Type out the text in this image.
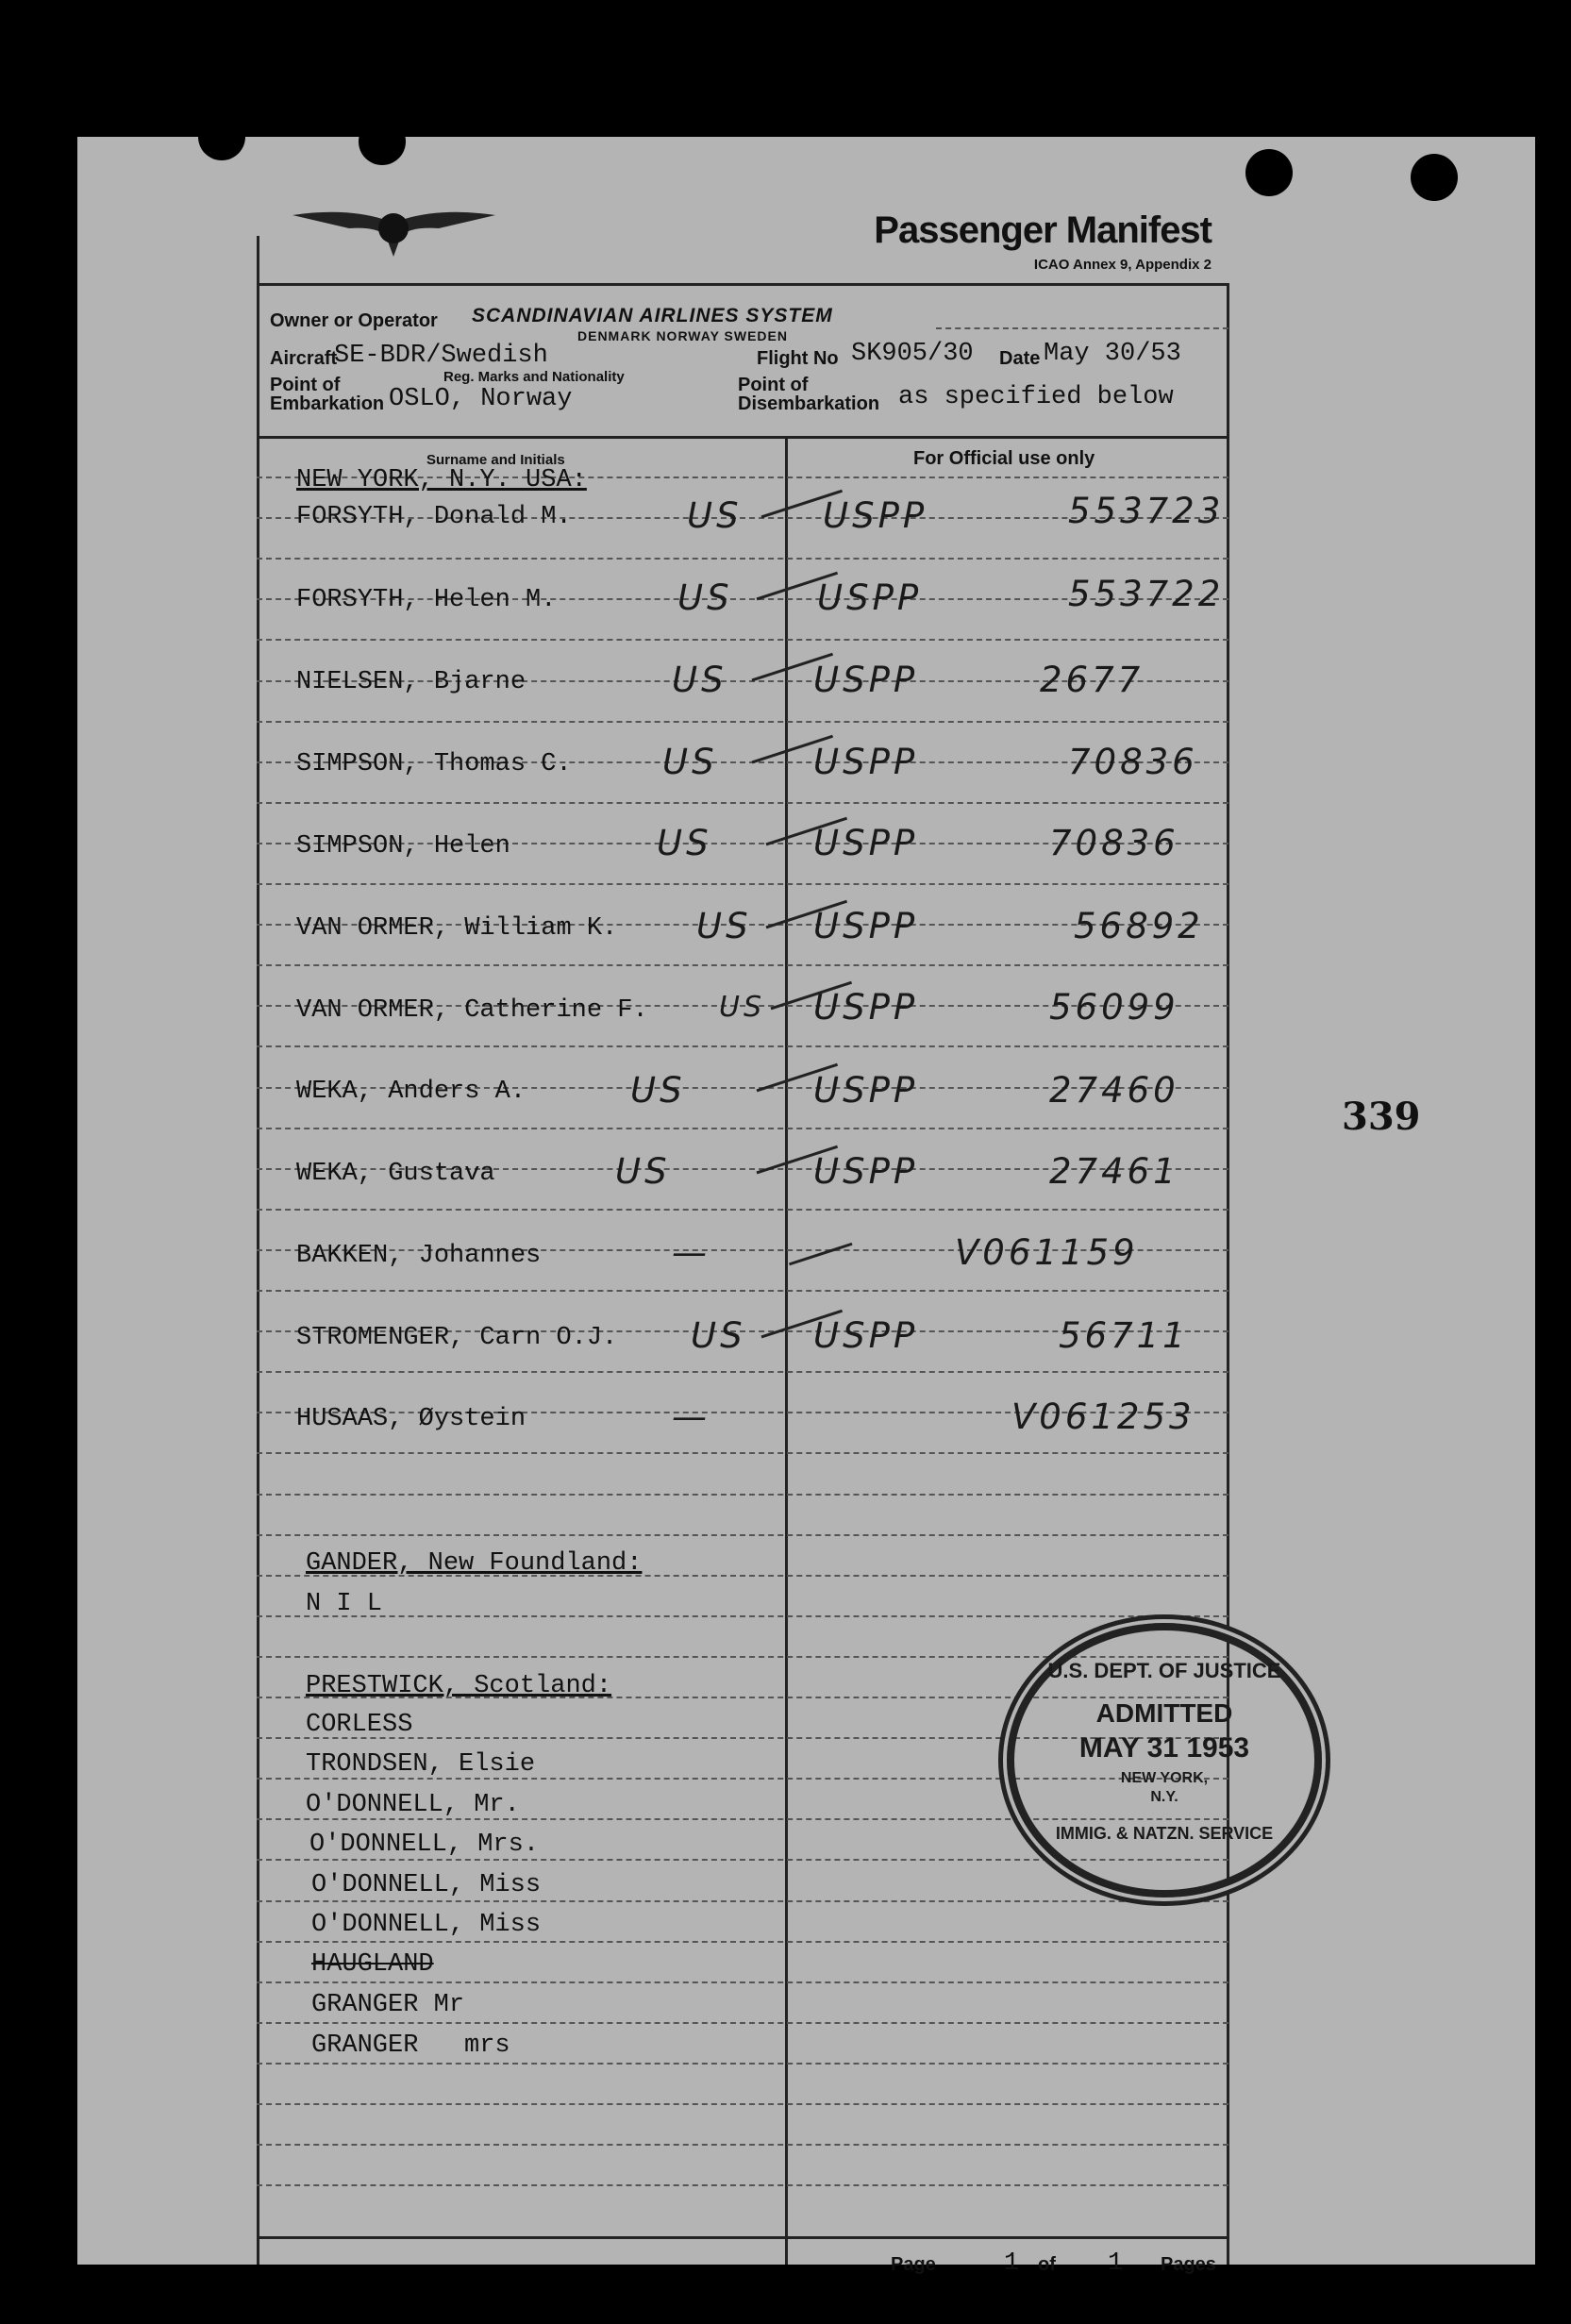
339
Passenger Manifest
ICAO Annex 9, Appendix 2
Owner or Operator SCANDINAVIAN AIRLINES SYSTEM
DENMARK NORWAY SWEDEN
Aircraft
SE-BDR/Swedish
Reg. Marks and Nationality
Flight No SK905/30 Date May 30/53
Point of
Embarkation OSLO, Norway	Point of
Disembarkation as specified below
Surname and Initials	For Official use only
NEW YORK, N.Y. USA:
FORSYTH, Donald M.	US USPP	553723
FORSYTH, Helen M.	US USPP	553722
NIELSEN, Bjarne	US USPP	2677
SIMPSON, Thomas C.	US	USPP	70836
SIMPSON, Helen	US	USPP	70836
VAN ORMER, William K. US USPP	56892
VAN ORMER, Catherine F.	US USPP	56099
WEKA, Anders A.	US	USPP	27460
WEKA, Gustava	US	USPP	27461
BAKKEN, Johannes	—	V061159
STROMENGER, Carn O.J. US USPP	56711
HUSAAS, Øystein	—	V061253
GANDER, New Foundland:
N I L
PRESTWICK, Scotland:
CORLESS
TRONDSEN, Elsie
O'DONNELL, Mr.
O'DONNELL, Mrs.
O'DONNELL, Miss
O'DONNELL, Miss
HAUGLAND
GRANGER Mr
GRANGER   mrs
Page	1 of 1 Pages
U.S. DEPT. OF JUSTICE
ADMITTED
MAY 31 1953
NEW YORK,
N.Y.
IMMIG. & NATZN. SERVICE
